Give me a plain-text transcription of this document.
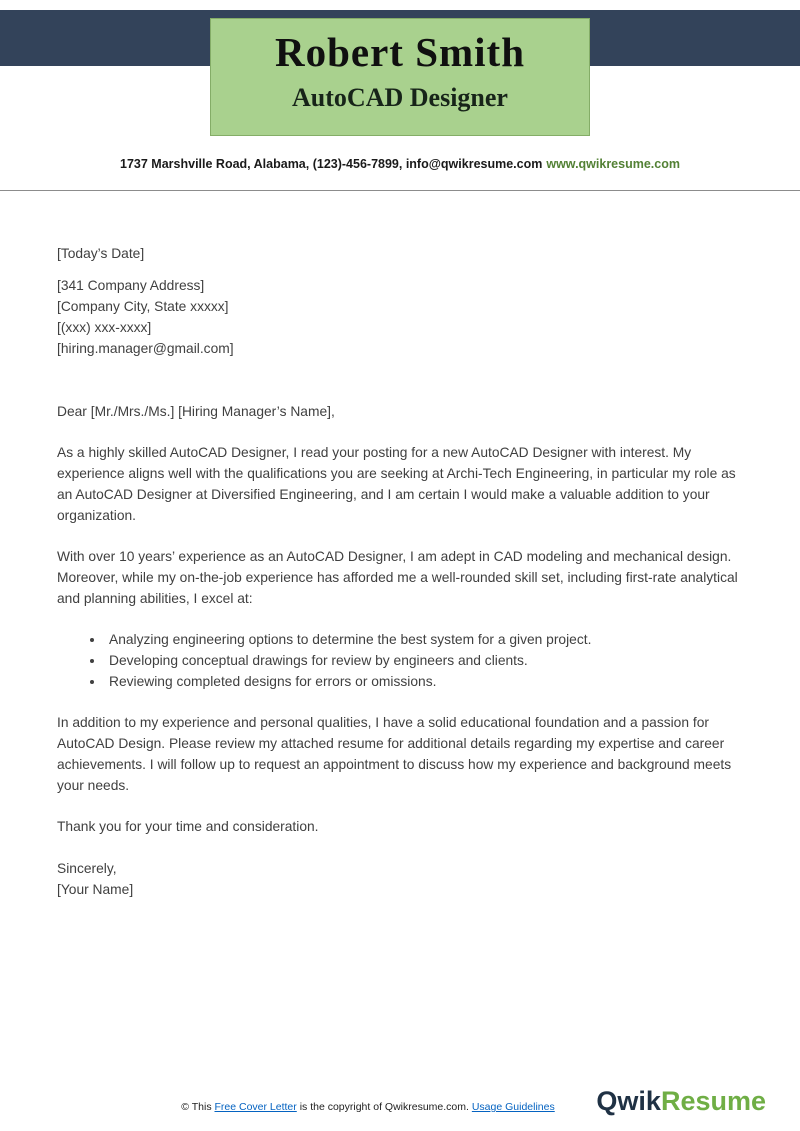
Robert Smith
AutoCAD Designer
1737 Marshville Road, Alabama, (123)-456-7899, info@qwikresume.com www.qwikresume.com

[Today’s Date]

[341 Company Address]

[Company City, State xxxxx]

[(xxx) xxx-xxxx]

[hiring.manager@gmail.com]

Dear [Mr./Mrs./Ms.] [Hiring Manager’s Name],

As a highly skilled AutoCAD Designer, I read your posting for a new AutoCAD Designer with interest. My experience aligns well with the qualifications you are seeking at Archi-Tech Engineering, in particular my role as an AutoCAD Designer at Diversified Engineering, and I am certain I would make a valuable addition to your organization.

With over 10 years’ experience as an AutoCAD Designer, I am adept in CAD modeling and mechanical design. Moreover, while my on-the-job experience has afforded me a well-rounded skill set, including first-rate analytical and planning abilities, I excel at:

• Analyzing engineering options to determine the best system for a given project.
• Developing conceptual drawings for review by engineers and clients.
• Reviewing completed designs for errors or omissions.

In addition to my experience and personal qualities, I have a solid educational foundation and a passion for AutoCAD Design. Please review my attached resume for additional details regarding my expertise and career achievements. I will follow up to request an appointment to discuss how my experience and background meets your needs.

Thank you for your time and consideration.

Sincerely,

[Your Name]

© This Free Cover Letter is the copyright of Qwikresume.com. Usage Guidelines QwikResume
